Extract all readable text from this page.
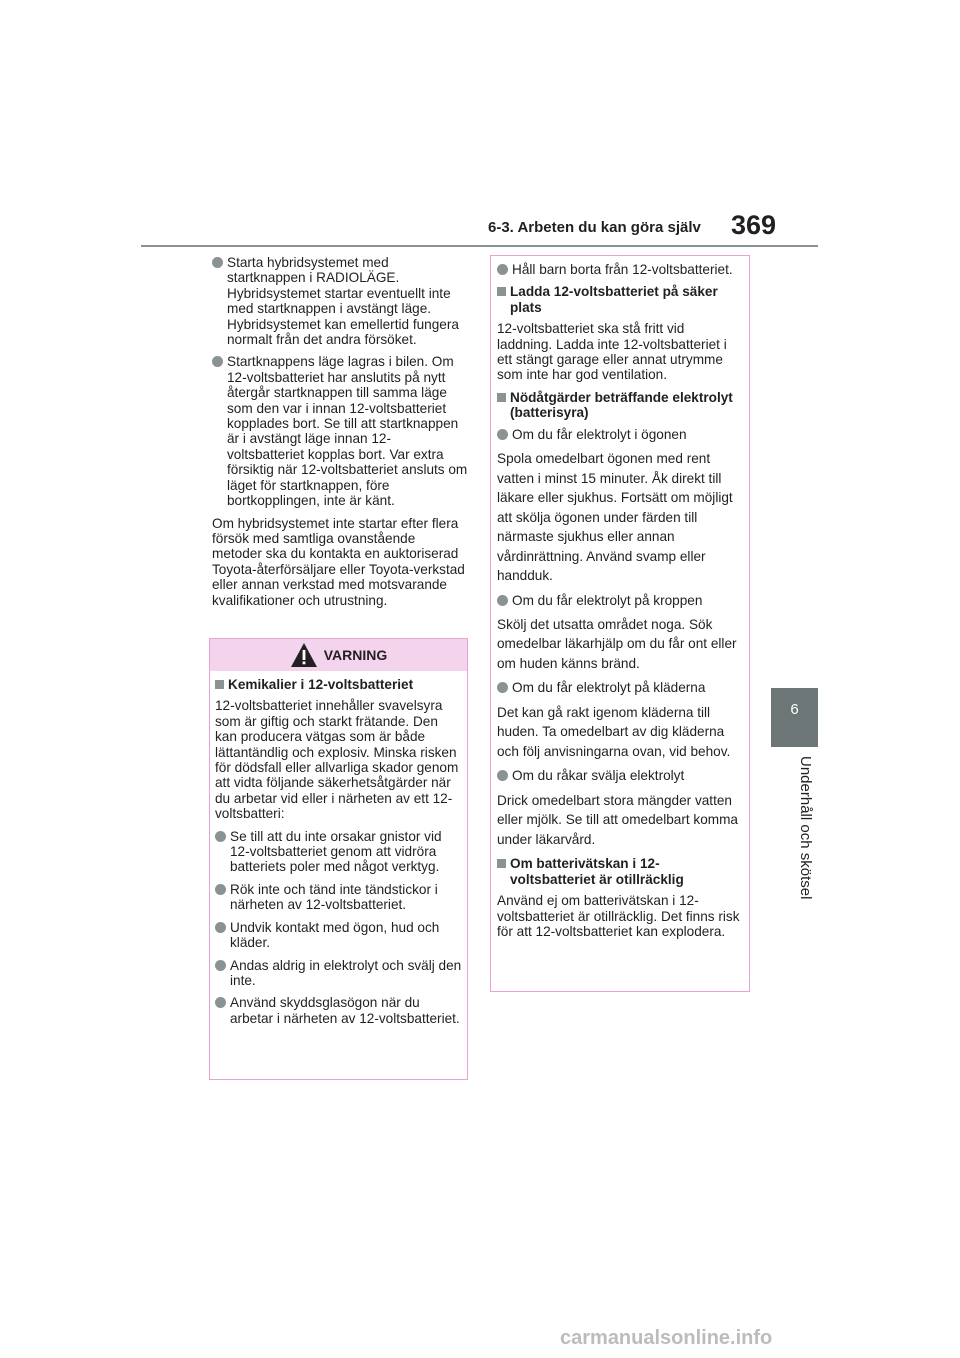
6-3. Arbeten du kan göra själv 369
6
Underhåll och skötsel
Starta hybridsystemet med startknappen i RADIOLÄGE. Hybridsystemet startar eventuellt inte med startknappen i avstängt läge. Hybridsystemet kan emellertid fungera normalt från det andra försöket.
Startknappens läge lagras i bilen. Om 12-voltsbatteriet har anslutits på nytt återgår startknappen till samma läge som den var i innan 12-voltsbatteriet kopplades bort. Se till att startknappen är i avstängt läge innan 12-voltsbatteriet kopplas bort. Var extra försiktig när 12-voltsbatteriet ansluts om läget för startknappen, före bortkopplingen, inte är känt.

Om hybridsystemet inte startar efter flera försök med samtliga ovanstående metoder ska du kontakta en auktoriserad Toyota-återförsäljare eller Toyota-verkstad eller annan verkstad med motsvarande kvalifikationer och utrustning.

VARNING
Kemikalier i 12-voltsbatteriet

12-voltsbatteriet innehåller svavelsyra som är giftig och starkt frätande. Den kan producera vätgas som är både lättantändlig och explosiv. Minska risken för dödsfall eller allvarliga skador genom att vidta följande säkerhetsåtgärder när du arbetar vid eller i närheten av ett 12-voltsbatteri:

Se till att du inte orsakar gnistor vid 12-voltsbatteriet genom att vidröra batteriets poler med något verktyg.
Rök inte och tänd inte tändstickor i närheten av 12-voltsbatteriet.
Undvik kontakt med ögon, hud och kläder.
Andas aldrig in elektrolyt och svälj den inte.
Använd skyddsglasögon när du arbetar i närheten av 12-voltsbatteriet.
Håll barn borta från 12-voltsbatteriet.
Ladda 12-voltsbatteriet på säker plats

12-voltsbatteriet ska stå fritt vid laddning. Ladda inte 12-voltsbatteriet i ett stängt garage eller annat utrymme som inte har god ventilation.

Nödåtgärder beträffande elektrolyt (batterisyra)
Om du får elektrolyt i ögonen

Spola omedelbart ögonen med rent vatten i minst 15 minuter. Åk direkt till läkare eller sjukhus. Fortsätt om möjligt att skölja ögonen under färden till närmaste sjukhus eller annan vårdinrättning. Använd svamp eller handduk.

Om du får elektrolyt på kroppen

Skölj det utsatta området noga. Sök omedelbar läkarhjälp om du får ont eller om huden känns bränd.

Om du får elektrolyt på kläderna

Det kan gå rakt igenom kläderna till huden. Ta omedelbart av dig kläderna och följ anvisningarna ovan, vid behov.

Om du råkar svälja elektrolyt

Drick omedelbart stora mängder vatten eller mjölk. Se till att omedelbart komma under läkarvård.

Om batterivätskan i 12-voltsbatteriet är otillräcklig

Använd ej om batterivätskan i 12-voltsbatteriet är otillräcklig. Det finns risk för att 12-voltsbatteriet kan explodera.

carmanualsonline.info
